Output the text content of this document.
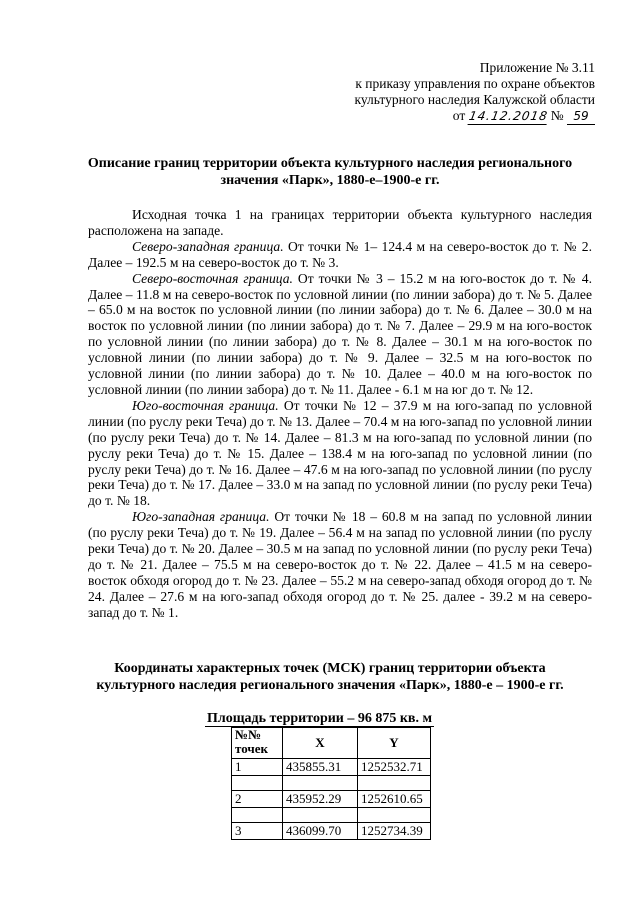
Приложение № 3.11
к приказу управления по охране объектов
культурного наследия Калужской области
от 14.12.2018 № 59
Описание границ территории объекта культурного наследия регионального
значения «Парк», 1880-е–1900-е гг.

Исходная точка 1 на границах территории объекта культурного наследия расположена на западе.

Северо-западная граница. От точки № 1– 124.4 м на северо-восток до т. № 2. Далее – 192.5 м на северо-восток до т. № 3.

Северо-восточная граница. От точки № 3 – 15.2 м на юго-восток до т. № 4. Далее – 11.8 м на северо-восток по условной линии (по линии забора) до т. № 5. Далее – 65.0 м на восток по условной линии (по линии забора) до т. № 6. Далее – 30.0 м на восток по условной линии (по линии забора) до т. № 7. Далее – 29.9 м на юго-восток по условной линии (по линии забора) до т. № 8. Далее – 30.1 м на юго-восток по условной линии (по линии забора) до т. № 9. Далее – 32.5 м на юго-восток по условной линии (по линии забора) до т. № 10. Далее – 40.0 м на юго-восток по условной линии (по линии забора) до т. № 11. Далее - 6.1 м на юг до т. № 12.

Юго-восточная граница. От точки № 12 – 37.9 м на юго-запад по условной линии (по руслу реки Теча) до т. № 13. Далее – 70.4 м на юго-запад по условной линии (по руслу реки Теча) до т. № 14. Далее – 81.3 м на юго-запад по условной линии (по руслу реки Теча) до т. № 15. Далее – 138.4 м на юго-запад по условной линии (по руслу реки Теча) до т. № 16. Далее – 47.6 м на юго-запад по условной линии (по руслу реки Теча) до т. № 17. Далее – 33.0 м на запад по условной линии (по руслу реки Теча) до т. № 18.

Юго-западная граница. От точки № 18 – 60.8 м на запад по условной линии (по руслу реки Теча) до т. № 19. Далее – 56.4 м на запад по условной линии (по руслу реки Теча) до т. № 20. Далее – 30.5 м на запад по условной линии (по руслу реки Теча) до т. № 21. Далее – 75.5 м на северо-восток до т. № 22. Далее – 41.5 м на северо-восток обходя огород до т. № 23. Далее – 55.2 м на северо-запад обходя огород до т. № 24. Далее – 27.6 м на юго-запад обходя огород до т. № 25. далее - 39.2 м на северо-запад до т. № 1.

Координаты характерных точек (МСК) границ территории объекта
культурного наследия регионального значения «Парк», 1880-е – 1900-е гг.
Площадь территории – 96 875 кв. м
№№ точек	X	Y
1	435855.31	1252532.71

2	435952.29	1252610.65

3	436099.70	1252734.39
